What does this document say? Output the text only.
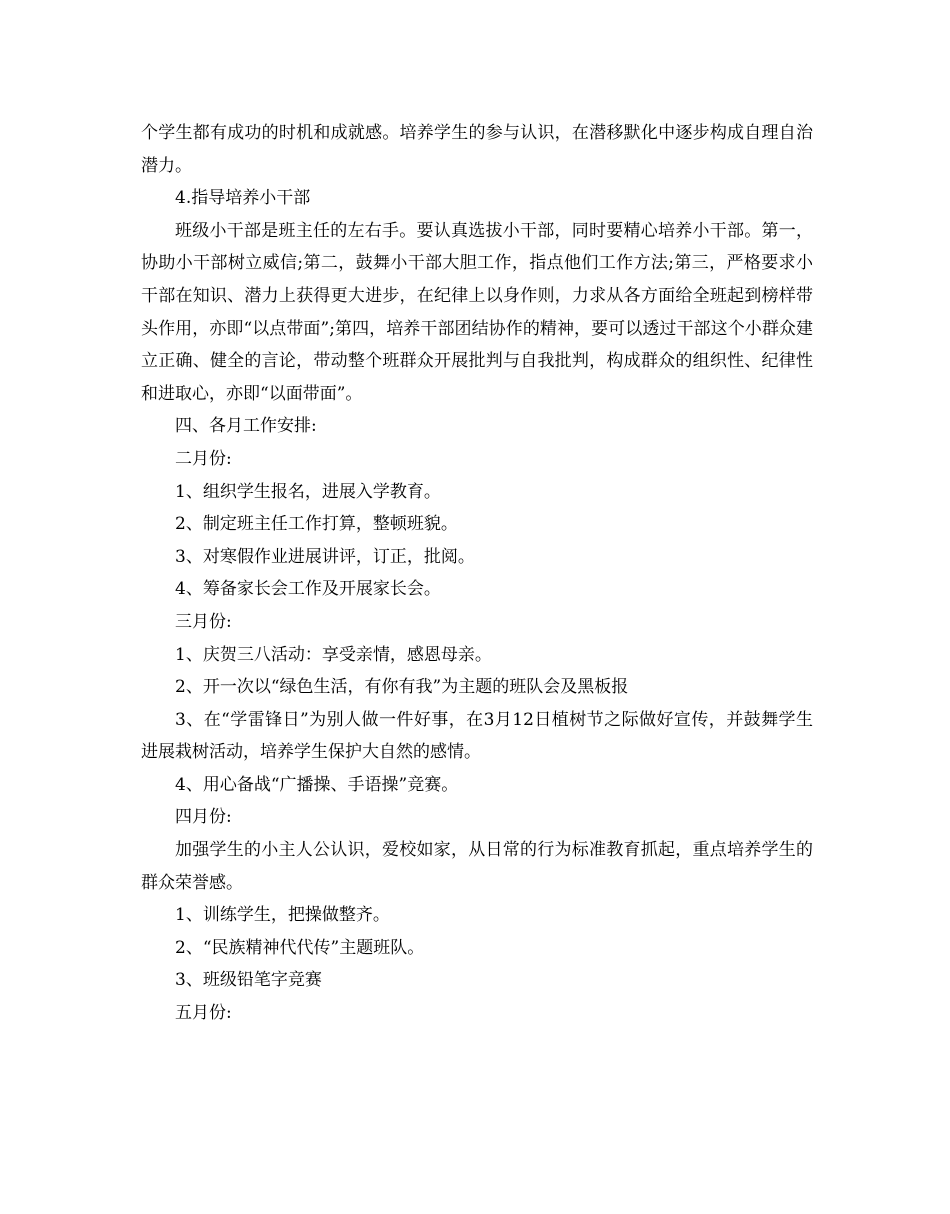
个学生都有成功的时机和成就感。培养学生的参与认识，在潜移默化中逐步构成自理自治潜力。

4.指导培养小干部

班级小干部是班主任的左右手。要认真选拔小干部，同时要精心培养小干部。第一，协助小干部树立威信;第二，鼓舞小干部大胆工作，指点他们工作方法;第三，严格要求小干部在知识、潜力上获得更大进步，在纪律上以身作则，力求从各方面给全班起到榜样带头作用，亦即“以点带面”;第四，培养干部团结协作的精神，要可以透过干部这个小群众建立正确、健全的言论，带动整个班群众开展批判与自我批判，构成群众的组织性、纪律性和进取心，亦即“以面带面”。

四、各月工作安排:

二月份:

1、组织学生报名，进展入学教育。

2、制定班主任工作打算，整顿班貌。

3、对寒假作业进展讲评，订正，批阅。

4、筹备家长会工作及开展家长会。

三月份:

1、庆贺三八活动：享受亲情，感恩母亲。

2、开一次以“绿色生活，有你有我”为主题的班队会及黑板报

3、在“学雷锋日”为别人做一件好事，在3月12日植树节之际做好宣传，并鼓舞学生进展栽树活动，培养学生保护大自然的感情。

4、用心备战“广播操、手语操”竞赛。

四月份:

加强学生的小主人公认识，爱校如家，从日常的行为标准教育抓起，重点培养学生的群众荣誉感。

1、训练学生，把操做整齐。

2、“民族精神代代传”主题班队。

3、班级铅笔字竞赛

五月份:
